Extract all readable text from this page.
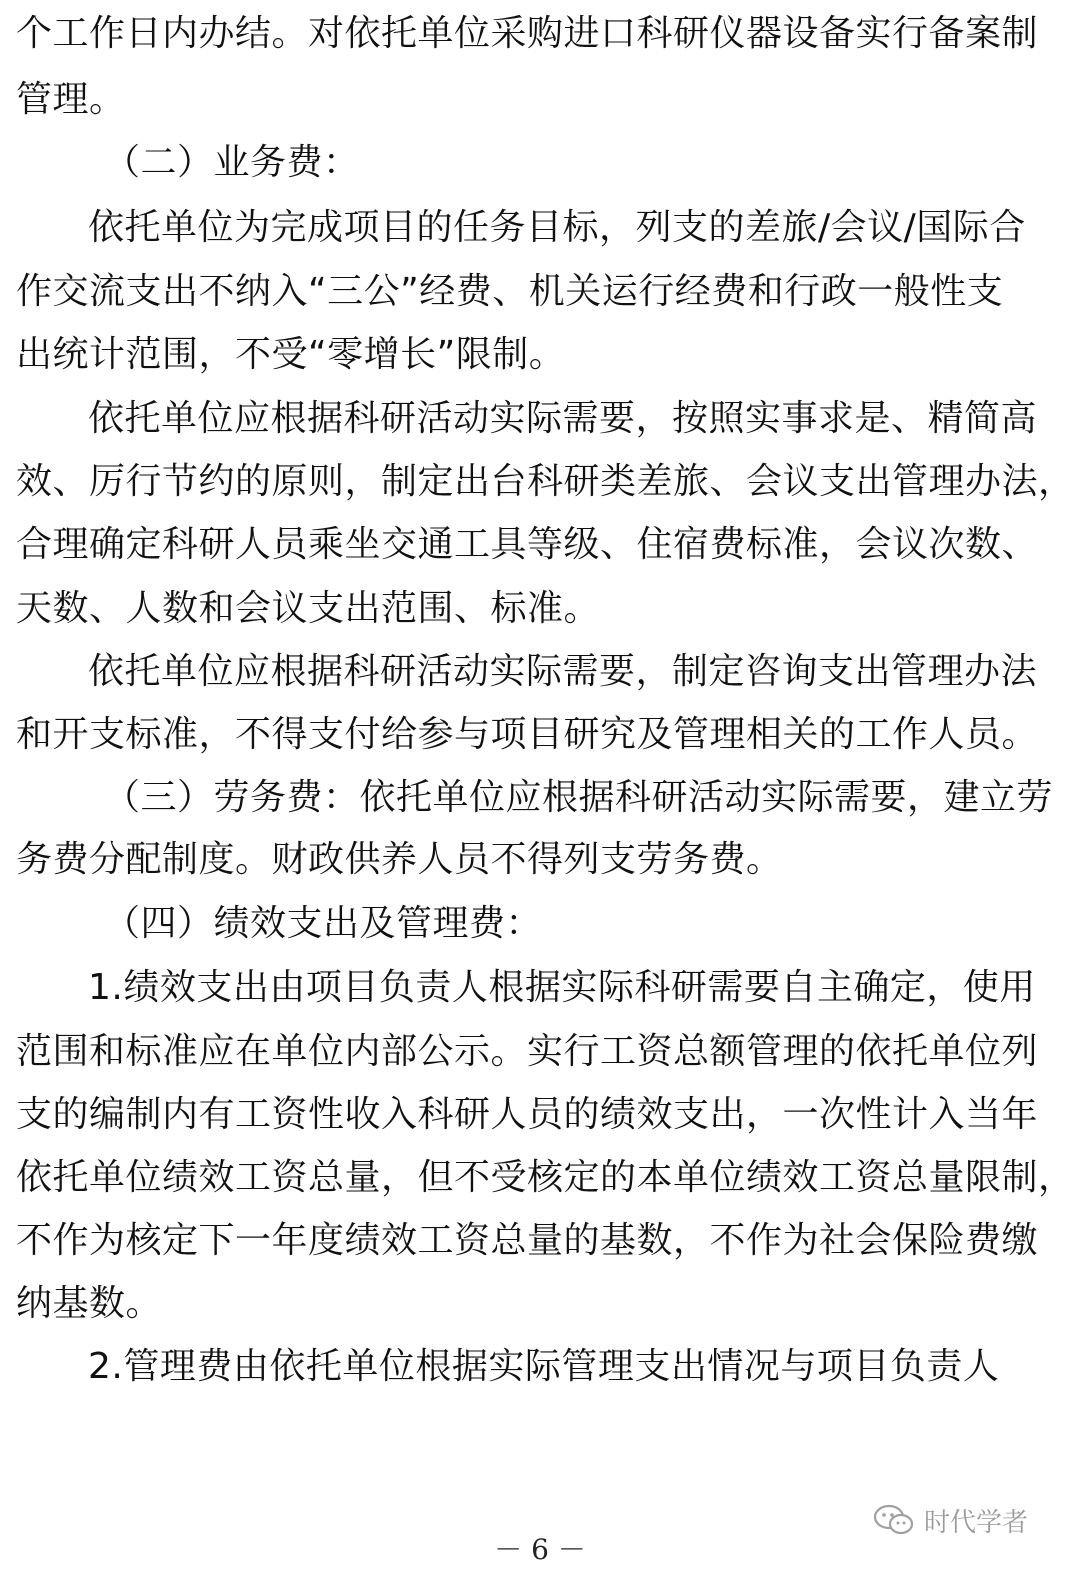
个工作日内办结。对依托单位采购进口科研仪器设备实行备案制
管理。
（二）业务费：
依托单位为完成项目的任务目标，列支的差旅/会议/国际合
作交流支出不纳入“三公”经费、机关运行经费和行政一般性支
出统计范围，不受“零增长”限制。
依托单位应根据科研活动实际需要，按照实事求是、精简高
效、厉行节约的原则，制定出台科研类差旅、会议支出管理办法，
合理确定科研人员乘坐交通工具等级、住宿费标准，会议次数、
天数、人数和会议支出范围、标准。
依托单位应根据科研活动实际需要，制定咨询支出管理办法
和开支标准，不得支付给参与项目研究及管理相关的工作人员。
（三）劳务费：依托单位应根据科研活动实际需要，建立劳
务费分配制度。财政供养人员不得列支劳务费。
（四）绩效支出及管理费：
1.绩效支出由项目负责人根据实际科研需要自主确定，使用
范围和标准应在单位内部公示。实行工资总额管理的依托单位列
支的编制内有工资性收入科研人员的绩效支出，一次性计入当年
依托单位绩效工资总量，但不受核定的本单位绩效工资总量限制，
不作为核定下一年度绩效工资总量的基数，不作为社会保险费缴
纳基数。
2.管理费由依托单位根据实际管理支出情况与项目负责人
时代学者
－ 6 －
